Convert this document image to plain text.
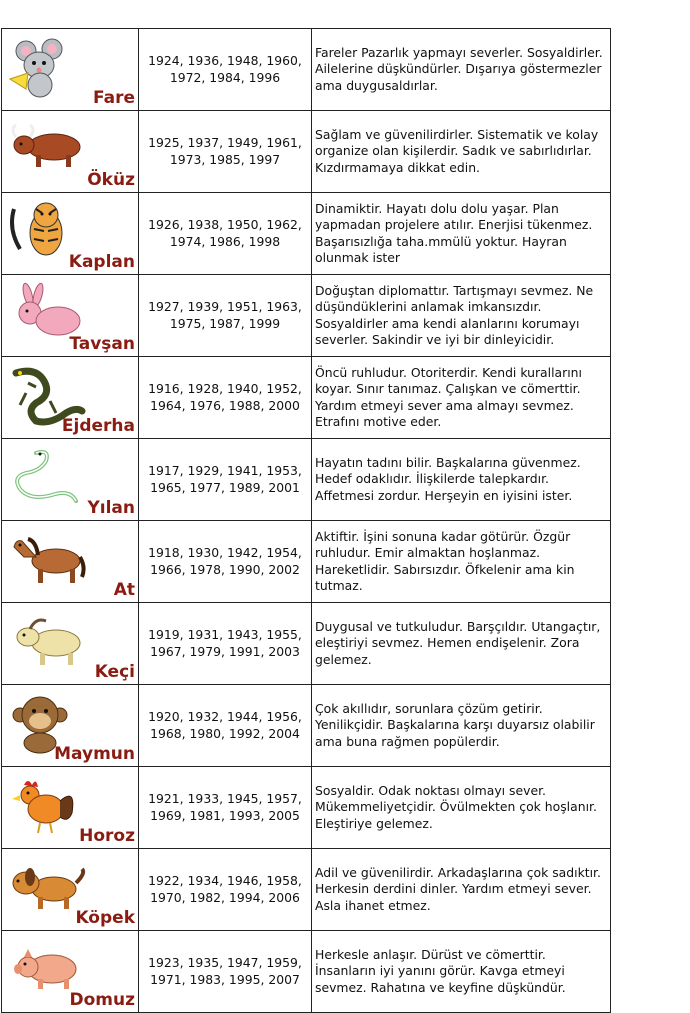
Fare	1924, 1936, 1948, 1960, 1972, 1984, 1996	Fareler Pazarlık yapmayı severler. Sosyaldirler. Ailelerine düşkündürler. Dışarıya göstermezler ama duygusaldırlar.

Öküz	1925, 1937, 1949, 1961, 1973, 1985, 1997	Sağlam ve güvenilirdirler. Sistematik ve kolay organize olan kişilerdir. Sadık ve sabırlıdırlar. Kızdırmamaya dikkat edin.

Kaplan	1926, 1938, 1950, 1962, 1974, 1986, 1998	Dinamiktir. Hayatı dolu dolu yaşar. Plan yapmadan projelere atılır. Enerjisi tükenmez. Başarısızlığa taha.mmülü yoktur. Hayran olunmak ister

Tavşan	1927, 1939, 1951, 1963, 1975, 1987, 1999	Doğuştan diplomattır. Tartışmayı sevmez. Ne düşündüklerini anlamak imkansızdır. Sosyaldirler ama kendi alanlarını korumayı severler. Sakindir ve iyi bir dinleyicidir.

Ejderha	1916, 1928, 1940, 1952, 1964, 1976, 1988, 2000	Öncü ruhludur. Otoriterdir. Kendi kurallarını koyar. Sınır tanımaz. Çalışkan ve cömerttir. Yardım etmeyi sever ama almayı sevmez. Etrafını motive eder.

Yılan	1917, 1929, 1941, 1953, 1965, 1977, 1989, 2001	Hayatın tadını bilir. Başkalarına güvenmez. Hedef odaklıdır. İlişkilerde talepkardır. Affetmesi zordur. Herşeyin en iyisini ister.

At	1918, 1930, 1942, 1954, 1966, 1978, 1990, 2002	Aktiftir. İşini sonuna kadar götürür. Özgür ruhludur. Emir almaktan hoşlanmaz. Hareketlidir. Sabırsızdır. Öfkelenir ama kin tutmaz.

Keçi	1919, 1931, 1943, 1955, 1967, 1979, 1991, 2003	Duygusal ve tutkuludur. Barşçıldır. Utangaçtır, eleştiriyi sevmez. Hemen endişelenir. Zora gelemez.

Maymun	1920, 1932, 1944, 1956, 1968, 1980, 1992, 2004	Çok akıllıdır, sorunlara çözüm getirir. Yenilikçidir. Başkalarına karşı duyarsız olabilir ama buna rağmen popülerdir.

Horoz	1921, 1933, 1945, 1957, 1969, 1981, 1993, 2005	Sosyaldir. Odak noktası olmayı sever. Mükemmeliyetçidir. Övülmekten çok hoşlanır. Eleştiriye gelemez.

Köpek	1922, 1934, 1946, 1958, 1970, 1982, 1994, 2006	Adil ve güvenilirdir. Arkadaşlarına çok sadıktır. Herkesin derdini dinler. Yardım etmeyi sever. Asla ihanet etmez.

Domuz	1923, 1935, 1947, 1959, 1971, 1983, 1995, 2007	Herkesle anlaşır. Dürüst ve cömerttir. İnsanların iyi yanını görür. Kavga etmeyi sevmez. Rahatına ve keyfine düşkündür.
